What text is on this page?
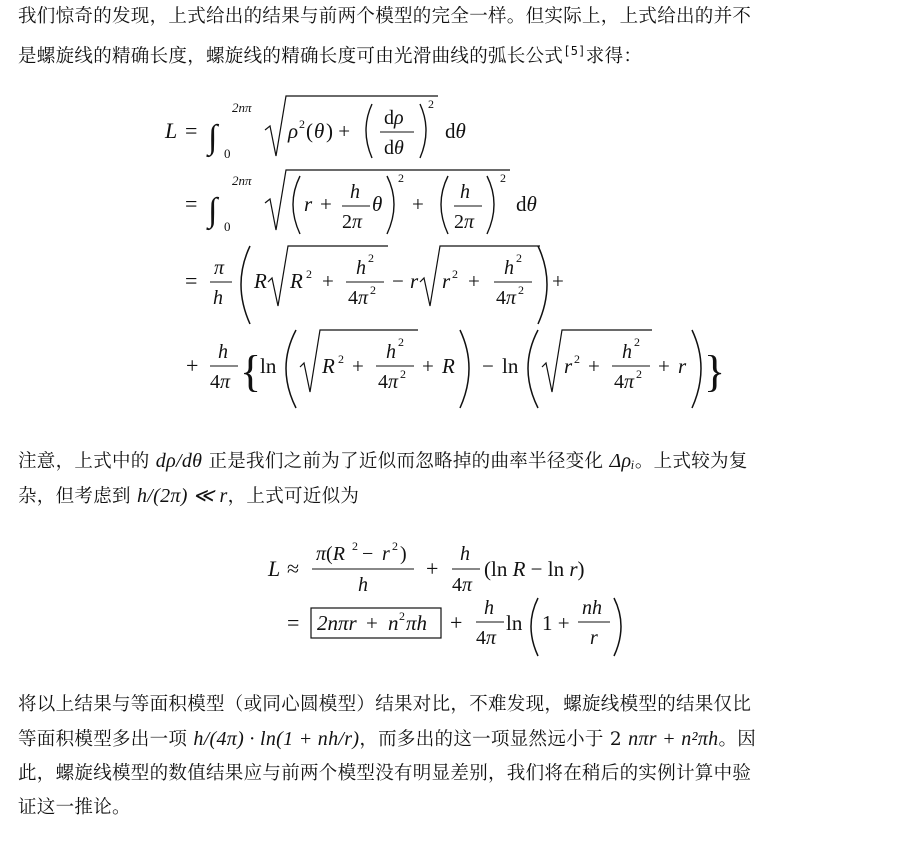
我们惊奇的发现，上式给出的结果与前两个模型的完全一样。但实际上，上式给出的并不
是螺旋线的精确长度，螺旋线的精确长度可由光滑曲线的弧长公式[5]求得：
L = ∫
2nπ
0
ρ 2 ( θ ) +
dρ
dθ
2
dθ
= ∫
2nπ
0
r + h
2π
θ
2
+ h
2π
2
dθ
= π
h
R R 2 +
h 2
4π 2 − r r 2 +
h 2
4π 2 +
+
h
4π {
ln R 2 +
h 2
4π 2 + R − ln r 2 +
h 2
4π 2 + r }
注意，上式中的 dρ/dθ 正是我们之前为了近似而忽略掉的曲率半径变化 Δρᵢ。上式较为复
杂，但考虑到 h/(2π) ≪ r，上式可近似为
L ≈
π(R 2 − r 2 )
h
+
h
4π
(ln R − ln r)
= 2nπr + n 2 πh +
h
4π
ln 1 +
nh
r
将以上结果与等面积模型（或同心圆模型）结果对比，不难发现，螺旋线模型的结果仅比
等面积模型多出一项 h/(4π) · ln(1 + nh/r)，而多出的这一项显然远小于 2 nπr + n²πh。因
此，螺旋线模型的数值结果应与前两个模型没有明显差别，我们将在稍后的实例计算中验
证这一推论。
